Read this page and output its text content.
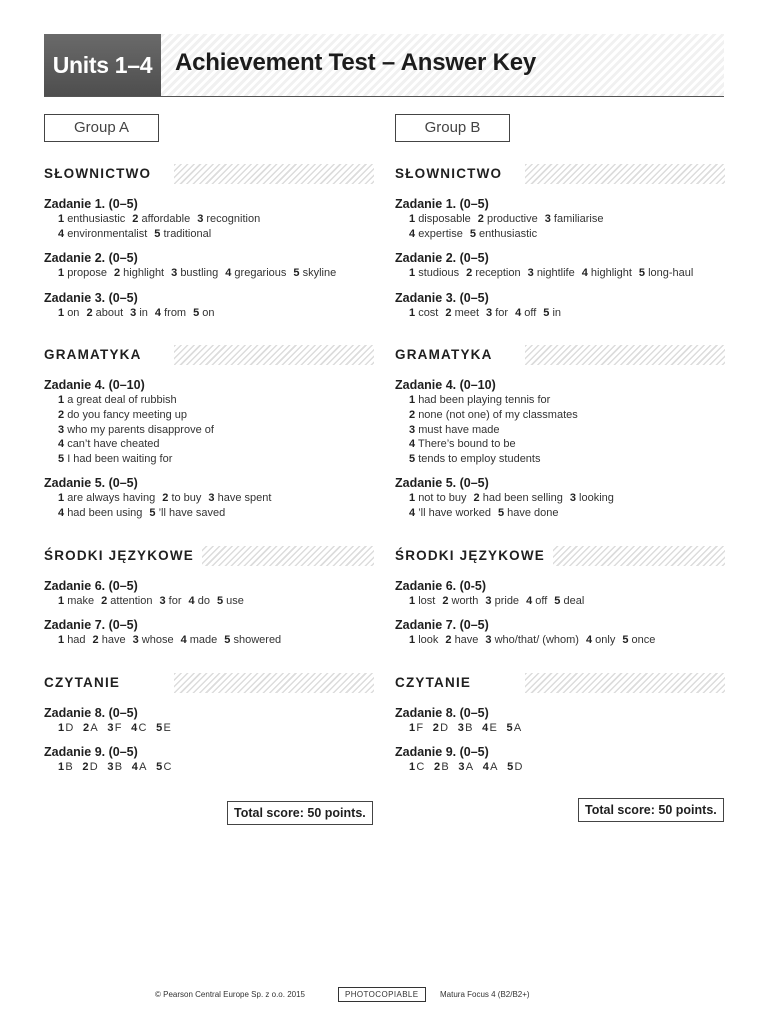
Units 1–4 Achievement Test – Answer Key
Group A
SŁOWNICTWO
Zadanie 1. (0–5)
1 enthusiastic 2 affordable 3 recognition
4 environmentalist 5 traditional
Zadanie 2. (0–5)
1 propose 2 highlight 3 bustling 4 gregarious 5 skyline
Zadanie 3. (0–5)
1 on 2 about 3 in 4 from 5 on
GRAMATYKA
Zadanie 4. (0–10)
1 a great deal of rubbish
2 do you fancy meeting up
3 who my parents disapprove of
4 can’t have cheated
5 I had been waiting for
Zadanie 5. (0–5)
1 are always having 2 to buy 3 have spent
4 had been using 5 ’ll have saved
ŚRODKI JĘZYKOWE
Zadanie 6. (0–5)
1 make 2 attention 3 for 4 do 5 use
Zadanie 7. (0–5)
1 had 2 have 3 whose 4 made 5 showered
CZYTANIE
Zadanie 8. (0–5)
1D 2A 3F 4C 5E
Zadanie 9. (0–5)
1B 2D 3B 4A 5C
Group B
SŁOWNICTWO
Zadanie 1. (0–5)
1 disposable 2 productive 3 familiarise
4 expertise 5 enthusiastic
Zadanie 2. (0–5)
1 studious 2 reception 3 nightlife 4 highlight 5 long-haul
Zadanie 3. (0–5)
1 cost 2 meet 3 for 4 off 5 in
GRAMATYKA
Zadanie 4. (0–10)
1 had been playing tennis for
2 none (not one) of my classmates
3 must have made
4 There’s bound to be
5 tends to employ students
Zadanie 5. (0–5)
1 not to buy 2 had been selling 3 looking
4 ’ll have worked 5 have done
ŚRODKI JĘZYKOWE
Zadanie 6. (0-5)
1 lost 2 worth 3 pride 4 off 5 deal
Zadanie 7. (0–5)
1 look 2 have 3 who/that/ (whom) 4 only 5 once
CZYTANIE
Zadanie 8. (0–5)
1F 2D 3B 4E 5A
Zadanie 9. (0–5)
1C 2B 3A 4A 5D
Total score: 50 points.	Total score: 50 points.
© Pearson Central Europe Sp. z o.o. 2015	PHOTOCOPIABLE	Matura Focus 4 (B2/B2+)
